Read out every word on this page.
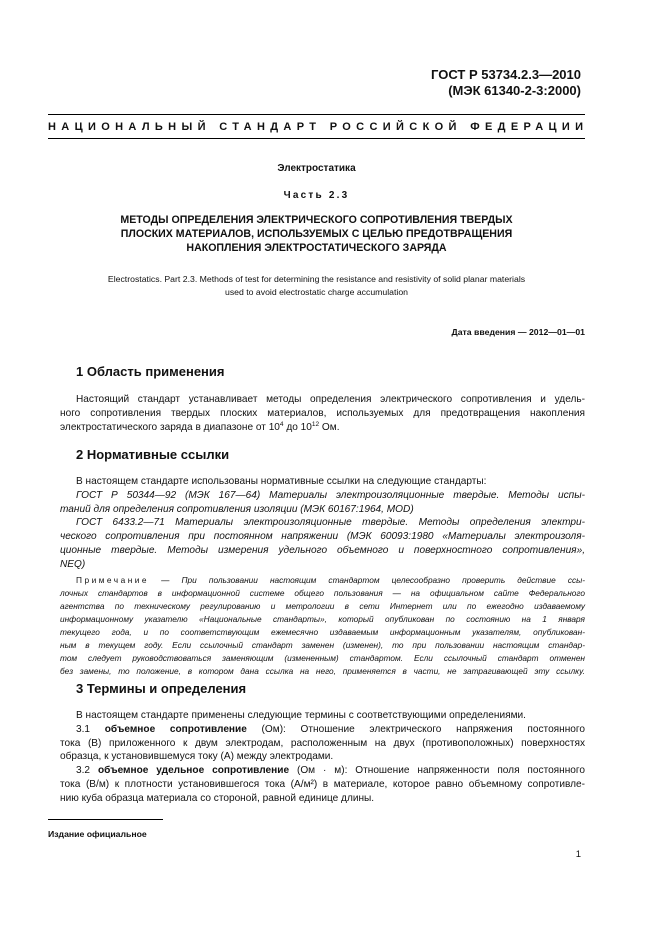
ГОСТ Р 53734.2.3—2010
(МЭК 61340-2-3:2000)
НАЦИОНАЛЬНЫЙ СТАНДАРТ РОССИЙСКОЙ ФЕДЕРАЦИИ
Электростатика
Часть 2.3
МЕТОДЫ ОПРЕДЕЛЕНИЯ ЭЛЕКТРИЧЕСКОГО СОПРОТИВЛЕНИЯ ТВЕРДЫХ
ПЛОСКИХ МАТЕРИАЛОВ, ИСПОЛЬЗУЕМЫХ С ЦЕЛЬЮ ПРЕДОТВРАЩЕНИЯ
НАКОПЛЕНИЯ ЭЛЕКТРОСТАТИЧЕСКОГО ЗАРЯДА
Electrostatics. Part 2.3. Methods of test for determining the resistance and resistivity of solid planar materials
used to avoid electrostatic charge accumulation
Дата введения — 2012—01—01
1 Область применения
Настоящий стандарт устанавливает методы определения электрического сопротивления и удель-
ного сопротивления твердых плоских материалов, используемых для предотвращения накопления
электростатического заряда в диапазоне от $10^4$ до $10^{12}$ Ом.
2 Нормативные ссылки
В настоящем стандарте использованы нормативные ссылки на следующие стандарты:
ГОСТ Р 50344—92 (МЭК 167—64) Материалы электроизоляционные твердые. Методы испы-
таний для определения сопротивления изоляции (МЭК 60167:1964, MOD)
ГОСТ 6433.2—71 Материалы электроизоляционные твердые. Методы определения электри-
ческого сопротивления при постоянном напряжении (МЭК 60093:1980 «Материалы электроизоля-
ционные твердые. Методы измерения удельного объемного и поверхностного сопротивления»,
NEQ)
Примечание — При пользовании настоящим стандартом целесообразно проверить действие ссы-
лочных стандартов в информационной системе общего пользования — на официальном сайте Федерального
агентства по техническому регулированию и метрологии в сети Интернет или по ежегодно издаваемому
информационному указателю «Национальные стандарты», который опубликован по состоянию на 1 января
текущего года, и по соответствующим ежемесячно издаваемым информационным указателям, опубликован-
ным в текущем году. Если ссылочный стандарт заменен (изменен), то при пользовании настоящим стандар-
том следует руководствоваться заменяющим (измененным) стандартом. Если ссылочный стандарт отменен
без замены, то положение, в котором дана ссылка на него, применяется в части, не затрагивающей эту ссылку.
3 Термины и определения
В настоящем стандарте применены следующие термины с соответствующими определениями.
3.1 объемное сопротивление (Ом): Отношение электрического напряжения постоянного
тока (В) приложенного к двум электродам, расположенным на двух (противоположных) поверхностях
образца, к установившемуся току (А) между электродами.
3.2 объемное удельное сопротивление (Ом · м): Отношение напряженности поля постоянного
тока (В/м) к плотности установившегося тока (А/м²) в материале, которое равно объемному сопротивле-
нию куба образца материала со стороной, равной единице длины.
Издание официальное
1
